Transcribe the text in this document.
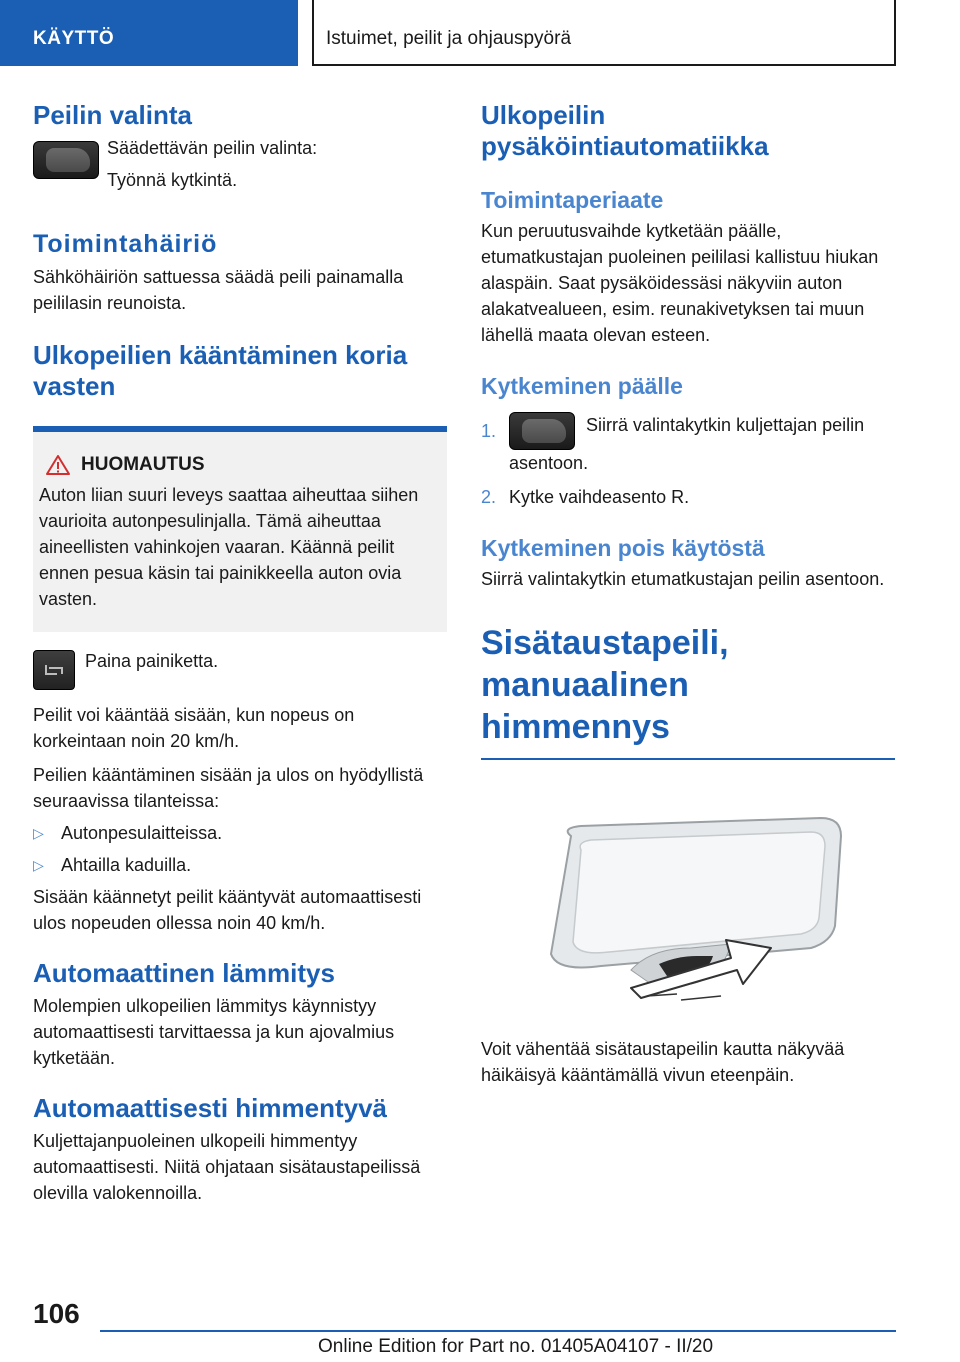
KÄYTTÖ	Istuimet, peilit ja ohjauspyörä
Peilin valinta

Säädettävän peilin valinta:

Työnnä kytkintä.

Toimintahäiriö

Sähköhäiriön sattuessa säädä peili painamalla peililasin reunoista.

Ulkopeilien kääntäminen koria vasten
HUOMAUTUS

Auton liian suuri leveys saattaa aiheuttaa siihen vaurioita autonpesulinjalla. Tämä aiheuttaa aineellisten vahinkojen vaaran. Käännä peilit ennen pesua käsin tai painikkeella auton ovia vasten.

Paina painiketta.

Peilit voi kääntää sisään, kun nopeus on korkeintaan noin 20 km/h.

Peilien kääntäminen sisään ja ulos on hyödyllistä seuraavissa tilanteissa:

▷ Autonpesulaitteissa.
▷ Ahtailla kaduilla.

Sisään käännetyt peilit kääntyvät automaattisesti ulos nopeuden ollessa noin 40 km/h.

Automaattinen lämmitys

Molempien ulkopeilien lämmitys käynnistyy automaattisesti tarvittaessa ja kun ajovalmius kytketään.

Automaattisesti himmentyvä

Kuljettajanpuoleinen ulkopeili himmentyy automaattisesti. Niitä ohjataan sisätaustapeilissä olevilla valokennoilla.

Ulkopeilin pysäköintiautomatiikka
Toimintaperiaate

Kun peruutusvaihde kytketään päälle, etumatkustajan puoleinen peililasi kallistuu hiukan alaspäin. Saat pysäköidessäsi näkyviin auton alakatvealueen, esim. reunakivetyksen tai muun lähellä maata olevan esteen.

Kytkeminen päälle
1.	Siirrä valintakytkin kuljettajan peilin asentoon.
2. Kytke vaihdeasento R.
Kytkeminen pois käytöstä

Siirrä valintakytkin etumatkustajan peilin asentoon.

Sisätaustapeili, manuaalinen himmennys

Voit vähentää sisätaustapeilin kautta näkyvää häikäisyä kääntämällä vivun eteenpäin.

106
Online Edition for Part no. 01405A04107 - II/20
